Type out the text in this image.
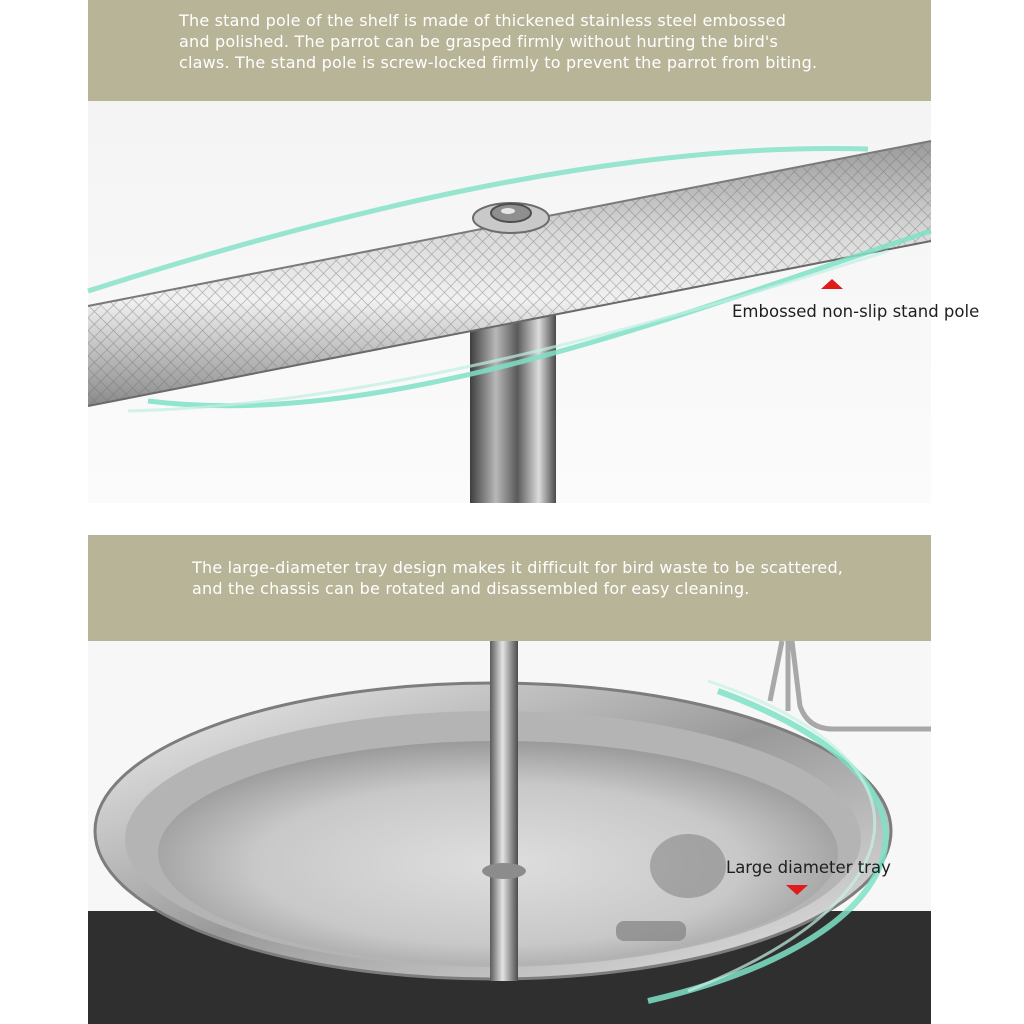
The stand pole of the shelf is made of thickened stainless steel embossed

and polished. The parrot can be grasped firmly without hurting the bird's

claws. The stand pole is screw-locked firmly to prevent the parrot from biting.

Embossed non-slip stand pole

The large-diameter tray design makes it difficult for bird waste to be scattered,

and the chassis can be rotated and disassembled for easy cleaning.

Large diameter tray
